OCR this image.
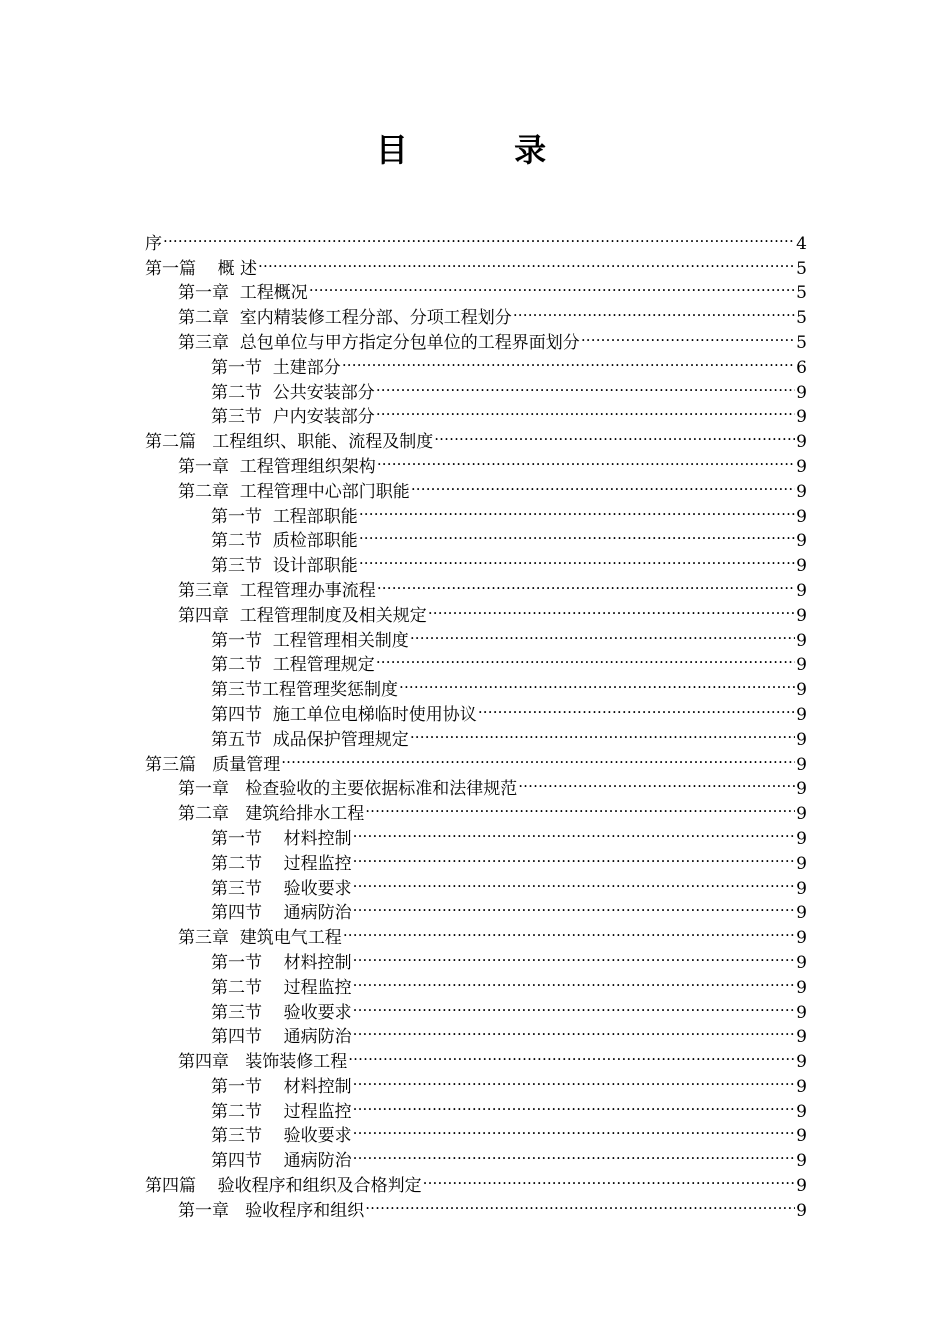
目  录
序 .....	4
第一篇    概 述 .....	5
第一章  工程概况 .....	5
第二章  室内精装修工程分部、分项工程划分 .....	5
第三章  总包单位与甲方指定分包单位的工程界面划分 .....	5
第一节  土建部分 .....	6
第二节  公共安装部分 .....	9
第三节  户内安装部分 .....	9
第二篇   工程组织、职能、流程及制度 .....	9
第一章  工程管理组织架构 .....	9
第二章  工程管理中心部门职能 .....	9
第一节  工程部职能 .....	9
第二节  质检部职能 .....	9
第三节  设计部职能 .....	9
第三章  工程管理办事流程 .....	9
第四章  工程管理制度及相关规定 .....	9
第一节  工程管理相关制度 .....	9
第二节  工程管理规定 .....	9
第三节工程管理奖惩制度 .....	9
第四节  施工单位电梯临时使用协议 .....	9
第五节  成品保护管理规定 .....	9
第三篇   质量管理 .....	9
第一章   检查验收的主要依据标准和法律规范 .....	9
第二章   建筑给排水工程 .....	9
第一节    材料控制 .....	9
第二节    过程监控 .....	9
第三节    验收要求 .....	9
第四节    通病防治 .....	9
第三章  建筑电气工程 .....	9
第一节    材料控制 .....	9
第二节    过程监控 .....	9
第三节    验收要求 .....	9
第四节    通病防治 .....	9
第四章   装饰装修工程 .....	9
第一节    材料控制 .....	9
第二节    过程监控 .....	9
第三节    验收要求 .....	9
第四节    通病防治 .....	9
第四篇    验收程序和组织及合格判定 .....	9
第一章   验收程序和组织 .....	9
